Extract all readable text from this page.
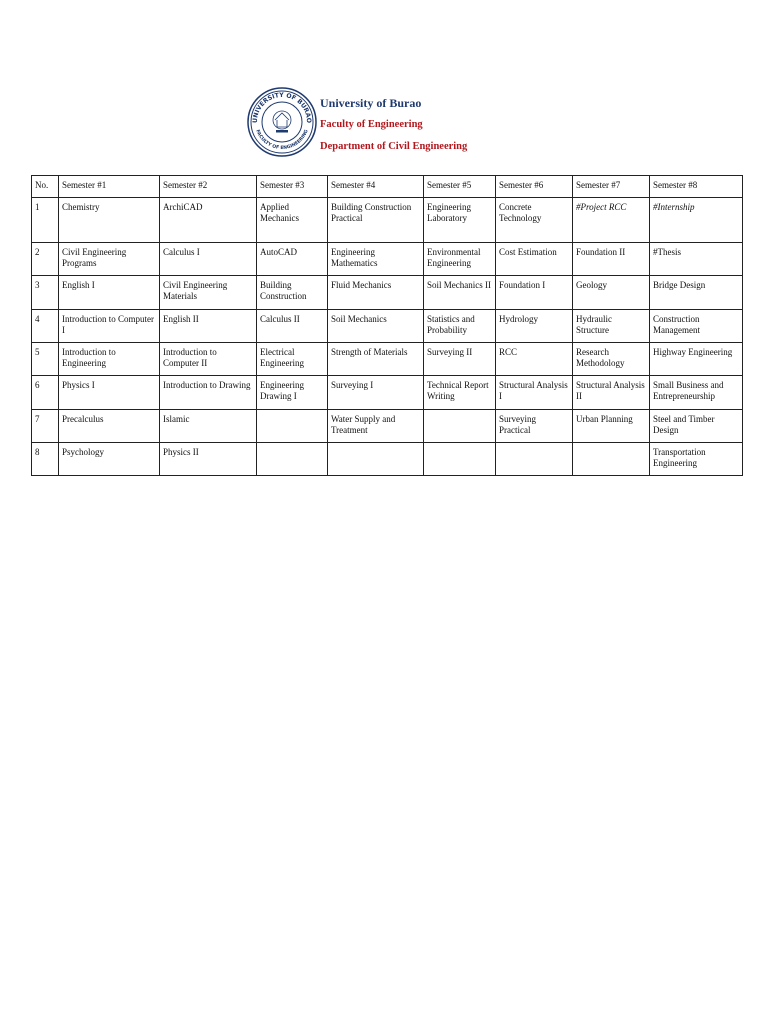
UNIVERSITY OF BURAO
FACULTY OF ENGINEERING
University of Burao
Faculty of Engineering
Department of Civil Engineering
No.	Semester #1	Semester #2	Semester #3	Semester #4	Semester #5	Semester #6	Semester #7	Semester #8
1	Chemistry	ArchiCAD	Applied Mechanics	Building Construction Practical	Engineering Laboratory	Concrete Technology	#Project RCC	#Internship
2	Civil Engineering Programs	Calculus I	AutoCAD	Engineering Mathematics	Environmental Engineering	Cost Estimation	Foundation II	#Thesis
3	English I	Civil Engineering Materials	Building Construction	Fluid Mechanics	Soil Mechanics II	Foundation I	Geology	Bridge Design
4	Introduction to Computer I	English II	Calculus II	Soil Mechanics	Statistics and Probability	Hydrology	Hydraulic Structure	Construction Management
5	Introduction to Engineering	Introduction to Computer II	Electrical Engineering	Strength of Materials	Surveying II	RCC	Research Methodology	Highway Engineering
6	Physics I	Introduction to Drawing	Engineering Drawing I	Surveying I	Technical Report Writing	Structural Analysis I	Structural Analysis II	Small Business and Entrepreneurship
7	Precalculus	Islamic		Water Supply and Treatment		Surveying Practical	Urban Planning	Steel and Timber Design
8	Psychology	Physics II						Transportation Engineering
